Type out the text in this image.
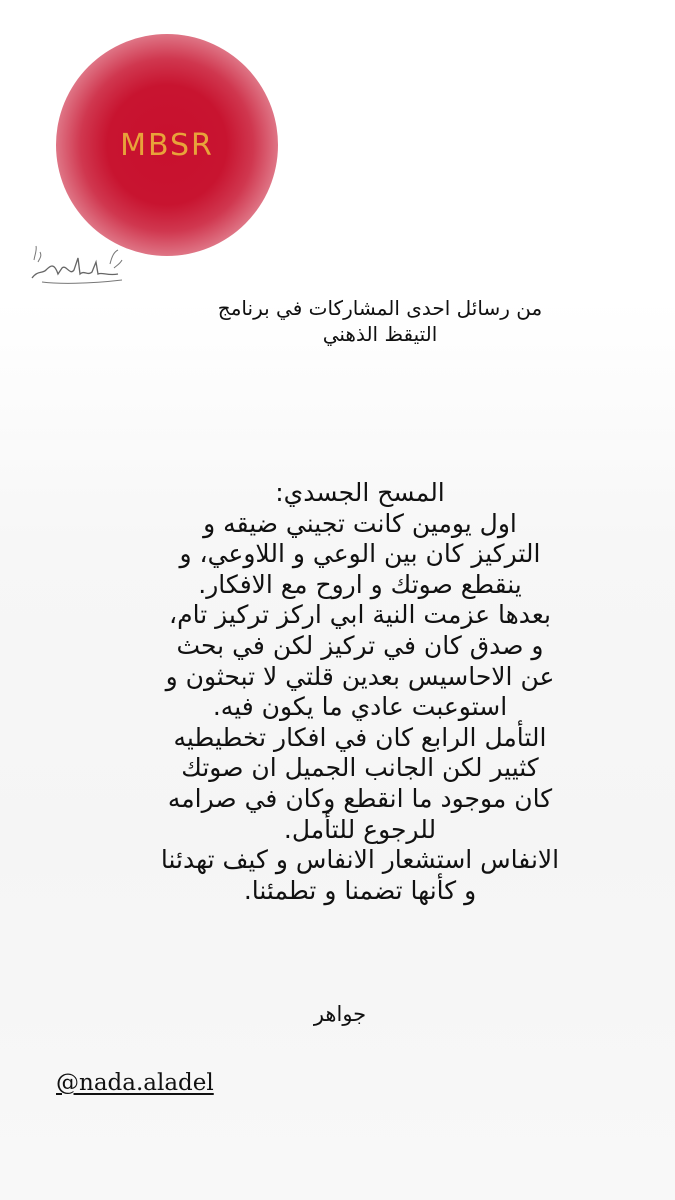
MBSR
من رسائل احدى المشاركات في برنامج
التيقظ الذهني
المسح الجسدي:
اول يومين كانت تجيني ضيقه و
التركيز كان بين الوعي و اللاوعي، و
ينقطع صوتك و اروح مع الافكار.
بعدها عزمت النية ابي اركز تركيز تام،
و صدق كان في تركيز لكن في بحث
عن الاحاسيس بعدين قلتي لا تبحثون و
استوعبت عادي ما يكون فيه.
التأمل الرابع كان في افكار تخطيطيه
كثيير لكن الجانب الجميل ان صوتك
كان موجود ما انقطع وكان في صرامه
للرجوع للتأمل.
الانفاس استشعار الانفاس و كيف تهدئنا
و كأنها تضمنا و تطمئنا.
جواهر
@nada.aladel
